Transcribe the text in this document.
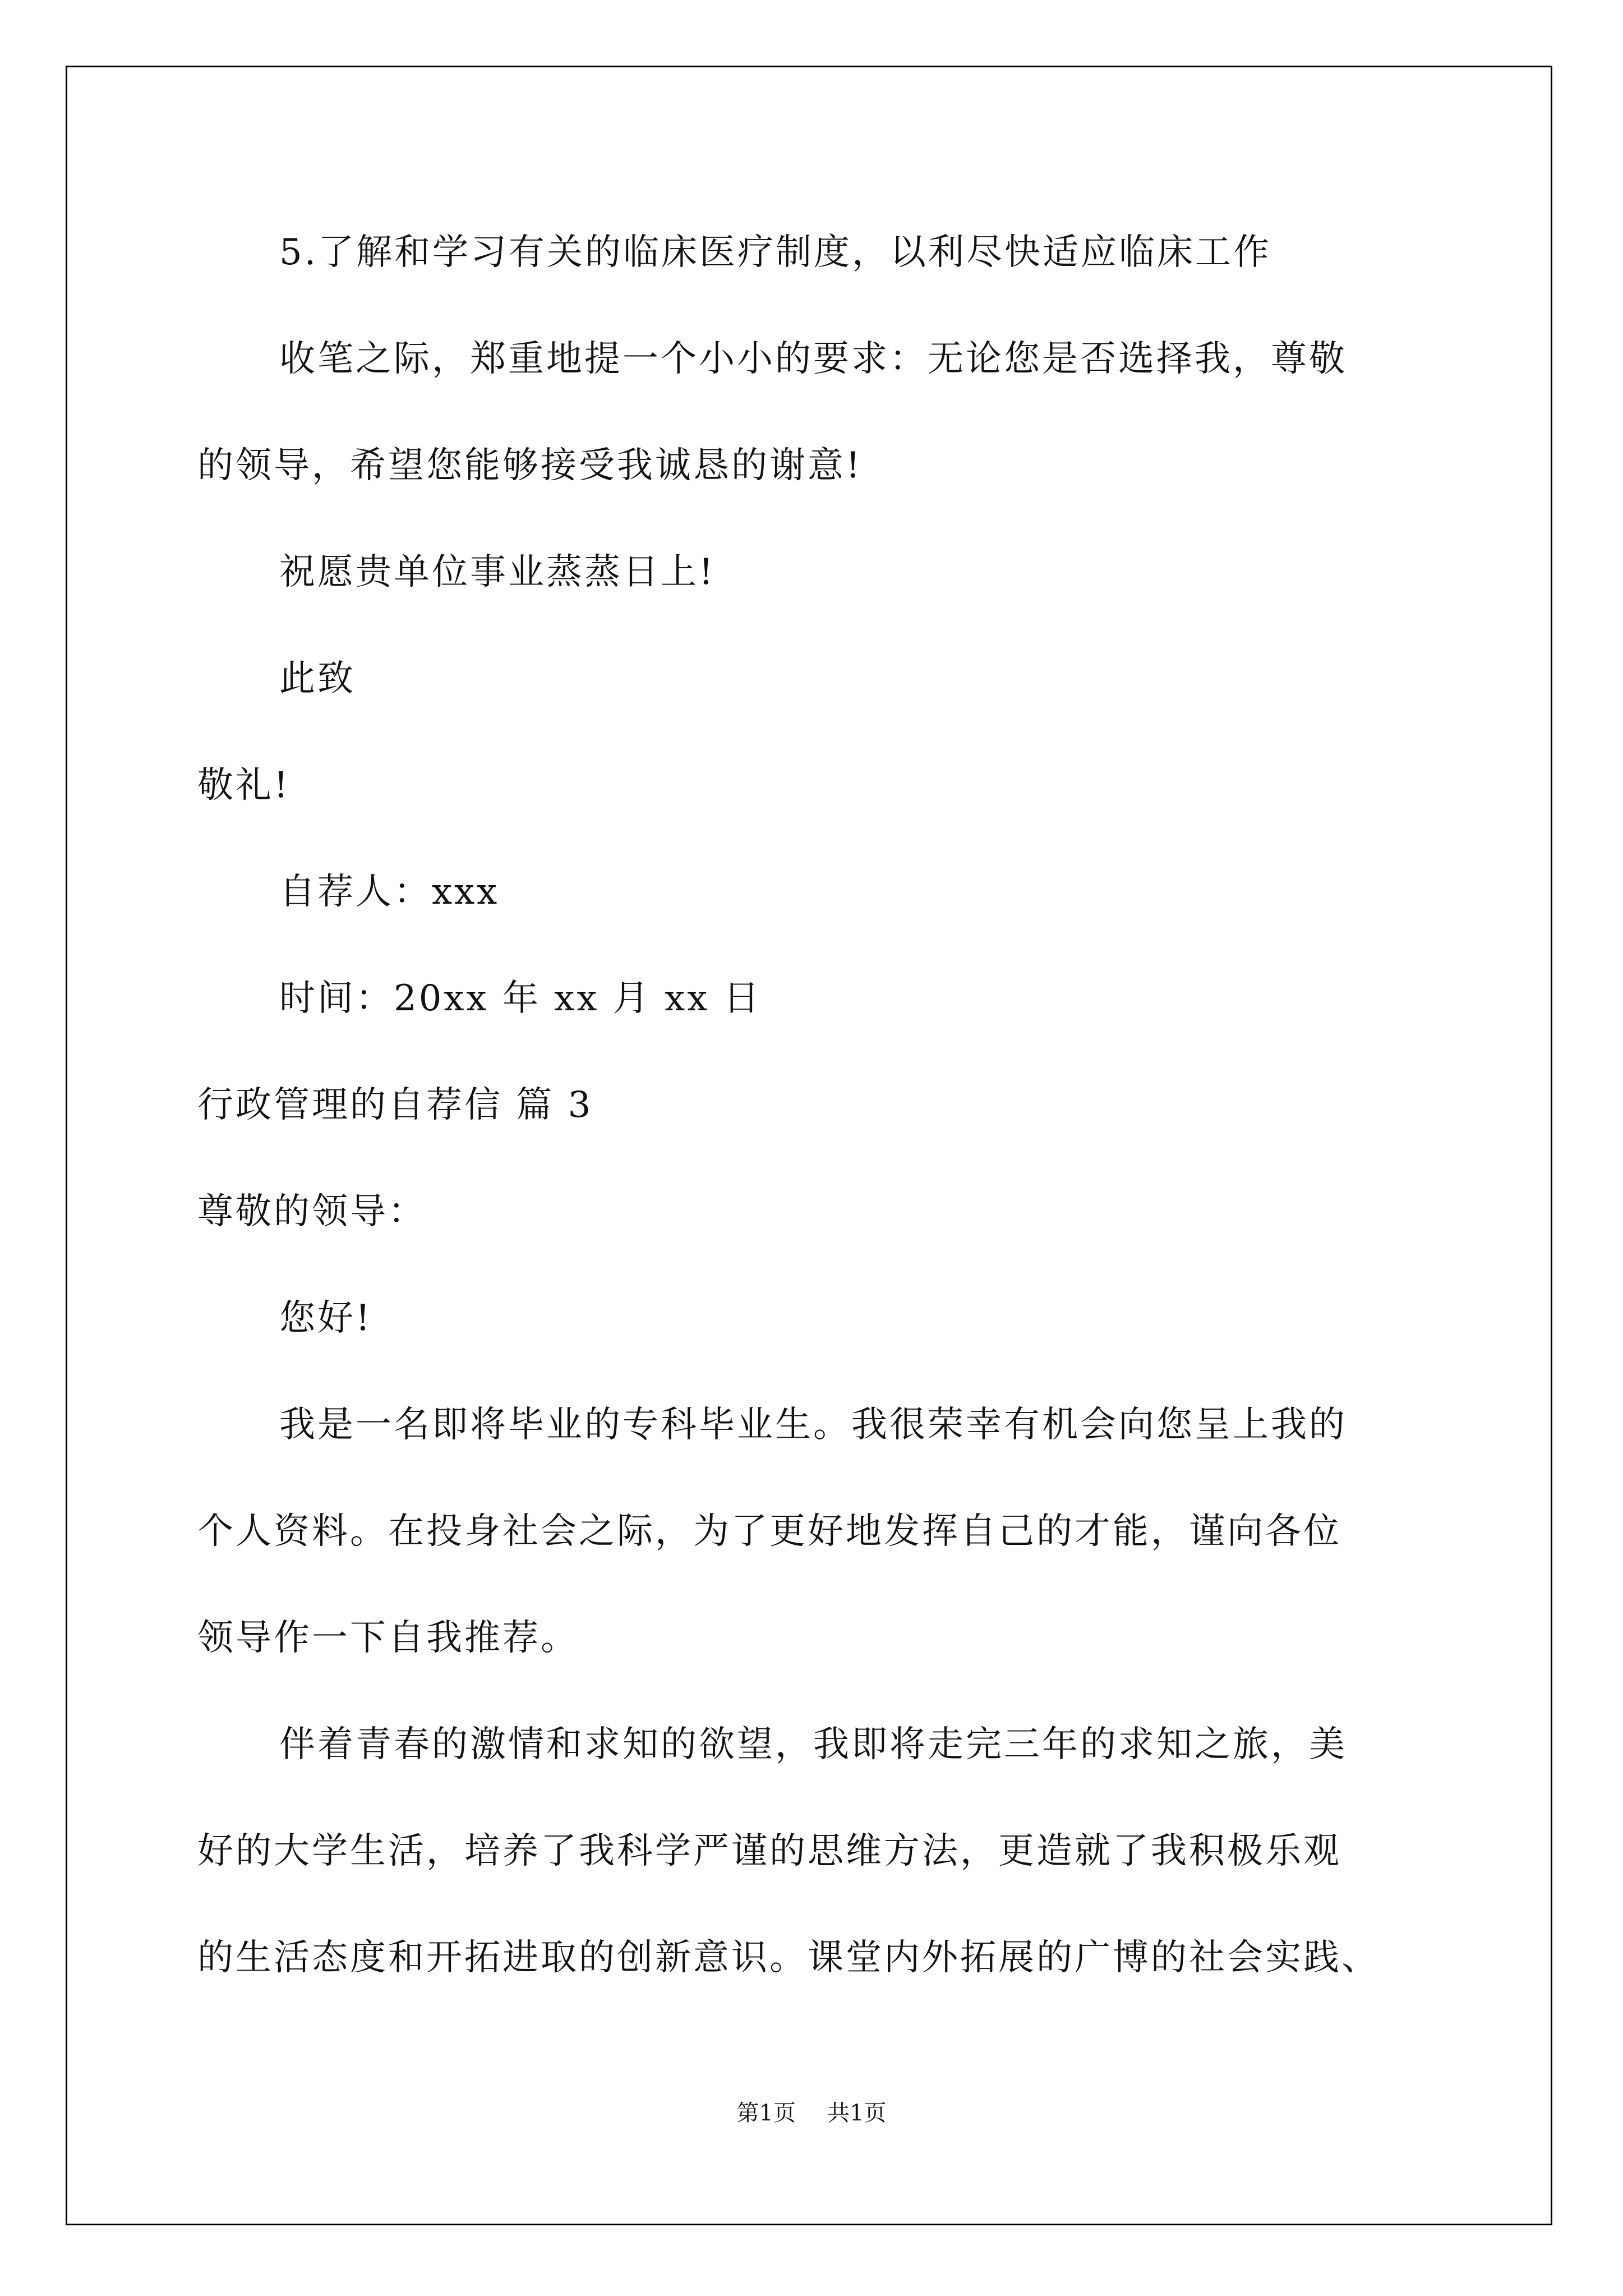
5.了解和学习有关的临床医疗制度，以利尽快适应临床工作
收笔之际，郑重地提一个小小的要求：无论您是否选择我，尊敬
的领导，希望您能够接受我诚恳的谢意!
祝愿贵单位事业蒸蒸日上!
此致
敬礼!
自荐人：xxx
时间：20xx 年 xx 月 xx 日
行政管理的自荐信 篇 3
尊敬的领导：
您好!
我是一名即将毕业的专科毕业生。我很荣幸有机会向您呈上我的
个人资料。在投身社会之际，为了更好地发挥自己的才能，谨向各位
领导作一下自我推荐。
伴着青春的激情和求知的欲望，我即将走完三年的求知之旅，美
好的大学生活，培养了我科学严谨的思维方法，更造就了我积极乐观
的生活态度和开拓进取的创新意识。课堂内外拓展的广博的社会实践、
第1页 共1页
